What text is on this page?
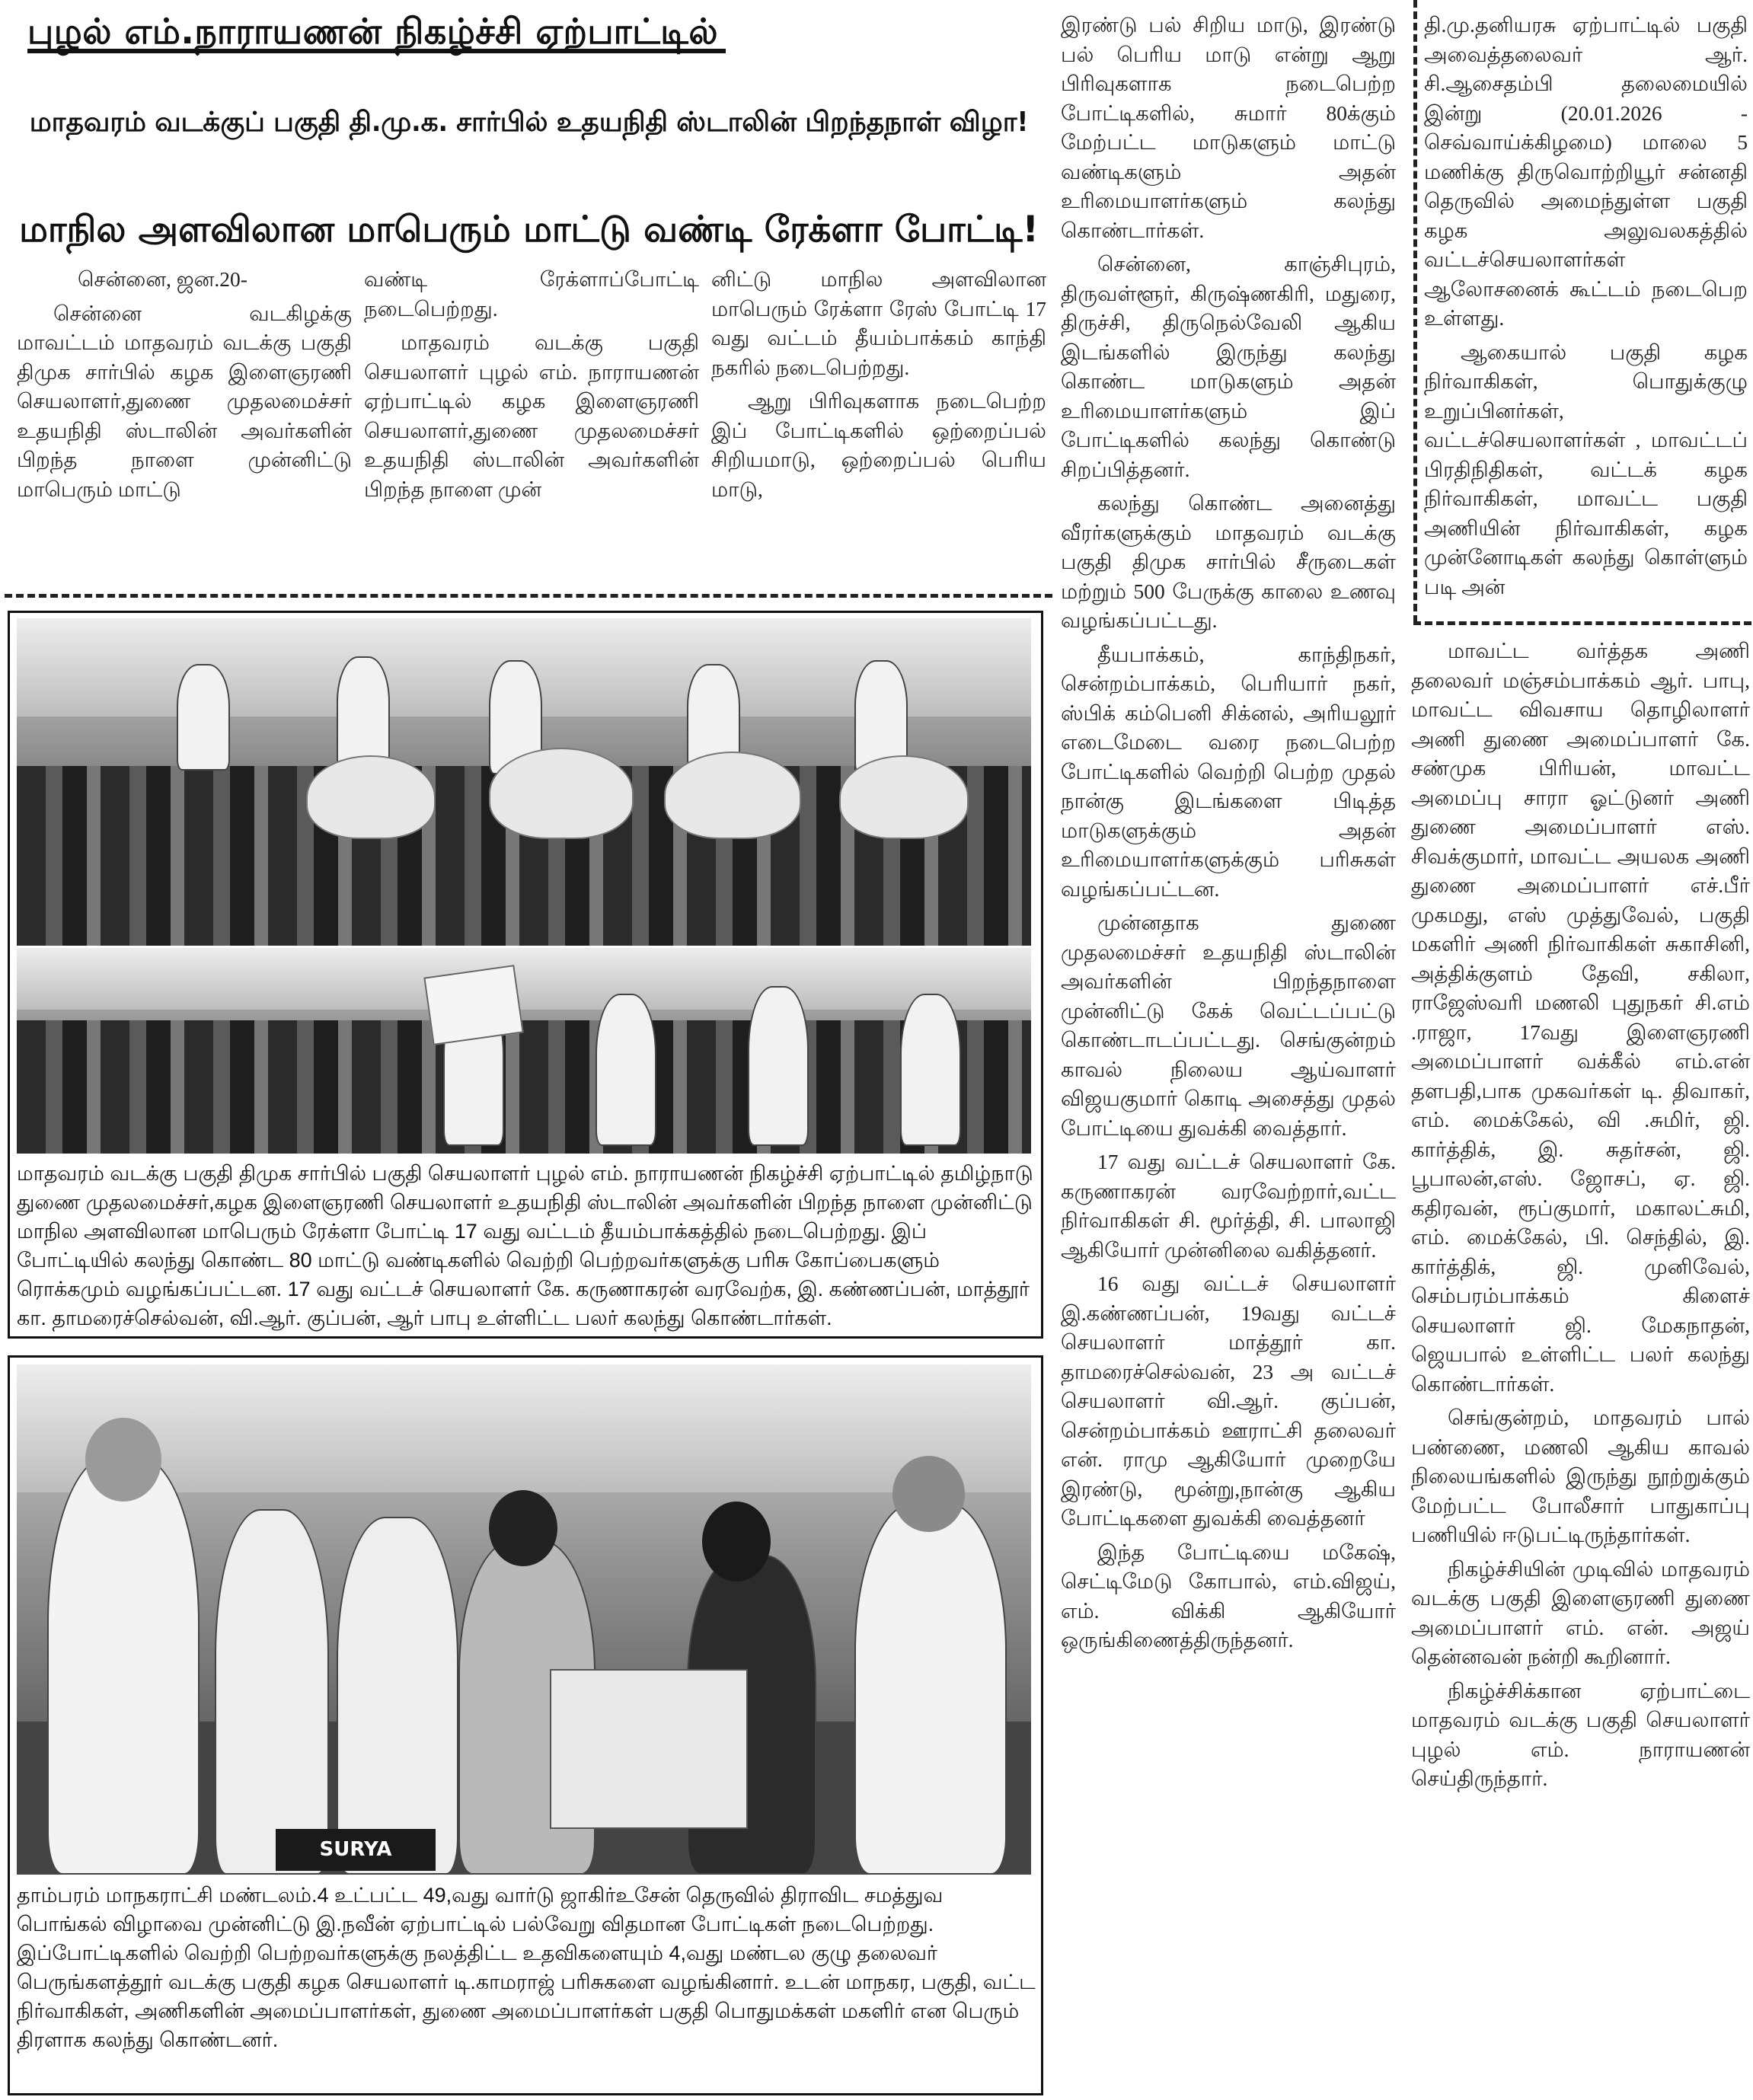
புழல் எம்.நாராயணன் நிகழ்ச்சி ஏற்பாட்டில்
மாதவரம் வடக்குப் பகுதி தி.மு.க. சார்பில் உதயநிதி ஸ்டாலின் பிறந்தநாள் விழா!
மாநில அளவிலான மாபெரும் மாட்டு வண்டி ரேக்ளா போட்டி!

சென்னை, ஜன.20-

சென்னை வடகிழக்கு மாவட்டம் மாதவரம் வடக்கு பகுதி திமுக சார்பில் கழக இளைஞரணி செயலாளர்,துணை முதலமைச்சர் உதயநிதி ஸ்டாலின் அவர்களின் பிறந்த நாளை முன்னிட்டு மாபெரும் மாட்டு

வண்டி ரேக்ளாப்போட்டி நடைபெற்றது.

மாதவரம் வடக்கு பகுதி செயலாளர் புழல் எம். நாராயணன் ஏற்பாட்டில் கழக இளைஞரணி செயலாளர்,துணை முதலமைச்சர் உதயநிதி ஸ்டாலின் அவர்களின் பிறந்த நாளை முன்

னிட்டு மாநில அளவிலான மாபெரும் ரேக்ளா ரேஸ் போட்டி 17 வது வட்டம் தீயம்பாக்கம் காந்தி நகரில் நடைபெற்றது.

ஆறு பிரிவுகளாக நடைபெற்ற இப் போட்டிகளில் ஒற்றைப்பல் சிறியமாடு, ஒற்றைப்பல் பெரிய மாடு,

இரண்டு பல் சிறிய மாடு, இரண்டு பல் பெரிய மாடு என்று ஆறு பிரிவுகளாக நடைபெற்ற போட்டிகளில், சுமார் 80க்கும் மேற்பட்ட மாடுகளும் மாட்டு வண்டிகளும் அதன் உரிமையாளர்களும் கலந்து கொண்டார்கள்.

சென்னை, காஞ்சிபுரம், திருவள்ளூர், கிருஷ்ணகிரி, மதுரை, திருச்சி, திருநெல்வேலி ஆகிய இடங்களில் இருந்து கலந்து கொண்ட மாடுகளும் அதன் உரிமையாளர்களும் இப் போட்டிகளில் கலந்து கொண்டு சிறப்பித்தனர்.

கலந்து கொண்ட அனைத்து வீரர்களுக்கும் மாதவரம் வடக்கு பகுதி திமுக சார்பில் சீருடைகள் மற்றும் 500 பேருக்கு காலை உணவு வழங்கப்பட்டது.

தீயபாக்கம், காந்திநகர், சென்றம்பாக்கம், பெரியார் நகர், ஸ்பிக் கம்பெனி சிக்னல், அரியலூர் எடைமேடை வரை நடைபெற்ற போட்டிகளில் வெற்றி பெற்ற முதல் நான்கு இடங்களை பிடித்த மாடுகளுக்கும் அதன் உரிமையாளர்களுக்கும் பரிசுகள் வழங்கப்பட்டன.

முன்னதாக துணை முதலமைச்சர் உதயநிதி ஸ்டாலின் அவர்களின் பிறந்தநாளை முன்னிட்டு கேக் வெட்டப்பட்டு கொண்டாடப்பட்டது. செங்குன்றம் காவல் நிலைய ஆய்வாளர் விஜயகுமார் கொடி அசைத்து முதல் போட்டியை துவக்கி வைத்தார்.

17 வது வட்டச் செயலாளர் கே. கருணாகரன் வரவேற்றார்,வட்ட நிர்வாகிகள் சி. மூர்த்தி, சி. பாலாஜி ஆகியோர் முன்னிலை வகித்தனர்.

16 வது வட்டச் செயலாளர் இ.கண்ணப்பன், 19வது வட்டச் செயலாளர் மாத்தூர் கா. தாமரைச்செல்வன், 23 அ வட்டச் செயலாளர் வி.ஆர். குப்பன், சென்றம்பாக்கம் ஊராட்சி தலைவர் என். ராமு ஆகியோர் முறையே இரண்டு, மூன்று,நான்கு ஆகிய போட்டிகளை துவக்கி வைத்தனர்

இந்த போட்டியை மகேஷ், செட்டிமேடு கோபால், எம்.விஜய், எம். விக்கி ஆகியோர் ஒருங்கிணைத்திருந்தனர்.

தி.மு.தனியரசு ஏற்பாட்டில் பகுதி அவைத்தலைவர் ஆர். சி.ஆசைதம்பி தலைமையில் இன்று (20.01.2026 - செவ்வாய்க்கிழமை) மாலை 5 மணிக்கு திருவொற்றியூர் சன்னதி தெருவில் அமைந்துள்ள பகுதி கழக அலுவலகத்தில் வட்டச்செயலாளர்கள் ஆலோசனைக் கூட்டம் நடைபெற உள்ளது.

ஆகையால் பகுதி கழக நிர்வாகிகள், பொதுக்குழு உறுப்பினர்கள், வட்டச்செயலாளர்கள் , மாவட்டப் பிரதிநிதிகள், வட்டக் கழக நிர்வாகிகள், மாவட்ட பகுதி அணியின் நிர்வாகிகள், கழக முன்னோடிகள் கலந்து கொள்ளும் படி அன்

மாவட்ட வர்த்தக அணி தலைவர் மஞ்சம்பாக்கம் ஆர். பாபு, மாவட்ட விவசாய தொழிலாளர் அணி துணை அமைப்பாளர் கே. சண்முக பிரியன், மாவட்ட அமைப்பு சாரா ஓட்டுனர் அணி துணை அமைப்பாளர் எஸ். சிவக்குமார், மாவட்ட அயலக அணி துணை அமைப்பாளர் எச்.பீர் முகமது, எஸ் முத்துவேல், பகுதி மகளிர் அணி நிர்வாகிகள் சுகாசினி, அத்திக்குளம் தேவி, சகிலா, ராஜேஸ்வரி மணலி புதுநகர் சி.எம் .ராஜா, 17வது இளைஞரணி அமைப்பாளர் வக்கீல் எம்.என் தளபதி,பாக முகவர்கள் டி. திவாகர், எம். மைக்கேல், வி .சுமிர், ஜி. கார்த்திக், இ. சுதர்சன், ஜி. பூபாலன்,எஸ். ஜோசப், ஏ. ஜி. கதிரவன், ரூப்குமார், மகாலட்சுமி, எம். மைக்கேல், பி. செந்தில், இ. கார்த்திக், ஜி. முனிவேல், செம்பரம்பாக்கம் கிளைச் செயலாளர் ஜி. மேகநாதன், ஜெயபால் உள்ளிட்ட பலர் கலந்து கொண்டார்கள்.

செங்குன்றம், மாதவரம் பால் பண்ணை, மணலி ஆகிய காவல் நிலையங்களில் இருந்து நூற்றுக்கும் மேற்பட்ட போலீசார் பாதுகாப்பு பணியில் ஈடுபட்டிருந்தார்கள்.

நிகழ்ச்சியின் முடிவில் மாதவரம் வடக்கு பகுதி இளைஞரணி துணை அமைப்பாளர் எம். என். அஜய் தென்னவன் நன்றி கூறினார்.

நிகழ்ச்சிக்கான ஏற்பாட்டை மாதவரம் வடக்கு பகுதி செயலாளர் புழல் எம். நாராயணன் செய்திருந்தார்.

மாதவரம் வடக்கு பகுதி திமுக சார்பில் பகுதி செயலாளர் புழல் எம். நாராயணன் நிகழ்ச்சி ஏற்பாட்டில் தமிழ்நாடு துணை முதலமைச்சர்,கழக இளைஞரணி செயலாளர் உதயநிதி ஸ்டாலின் அவர்களின் பிறந்த நாளை முன்னிட்டு மாநில அளவிலான மாபெரும் ரேக்ளா போட்டி 17 வது வட்டம் தீயம்பாக்கத்தில் நடைபெற்றது. இப் போட்டியில் கலந்து கொண்ட 80 மாட்டு வண்டிகளில் வெற்றி பெற்றவர்களுக்கு பரிசு கோப்பைகளும் ரொக்கமும் வழங்கப்பட்டன. 17 வது வட்டச் செயலாளர் கே. கருணாகரன் வரவேற்க, இ. கண்ணப்பன், மாத்தூர் கா. தாமரைச்செல்வன், வி.ஆர். குப்பன், ஆர் பாபு உள்ளிட்ட பலர் கலந்து கொண்டார்கள்.
SURYA
தாம்பரம் மாநகராட்சி மண்டலம்.4 உட்பட்ட 49,வது வார்டு ஜாகிர்உசேன் தெருவில் திராவிட சமத்துவ பொங்கல் விழாவை முன்னிட்டு இ.நவீன் ஏற்பாட்டில் பல்வேறு விதமான போட்டிகள் நடைபெற்றது. இப்போட்டிகளில் வெற்றி பெற்றவர்களுக்கு நலத்திட்ட உதவிகளையும் 4,வது மண்டல குழு தலைவர் பெருங்களத்தூர் வடக்கு பகுதி கழக செயலாளர் டி.காமராஜ் பரிசுகளை வழங்கினார். உடன் மாநகர, பகுதி, வட்ட நிர்வாகிகள், அணிகளின் அமைப்பாளர்கள், துணை அமைப்பாளர்கள் பகுதி பொதுமக்கள் மகளிர் என பெரும் திரளாக கலந்து கொண்டனர்.
